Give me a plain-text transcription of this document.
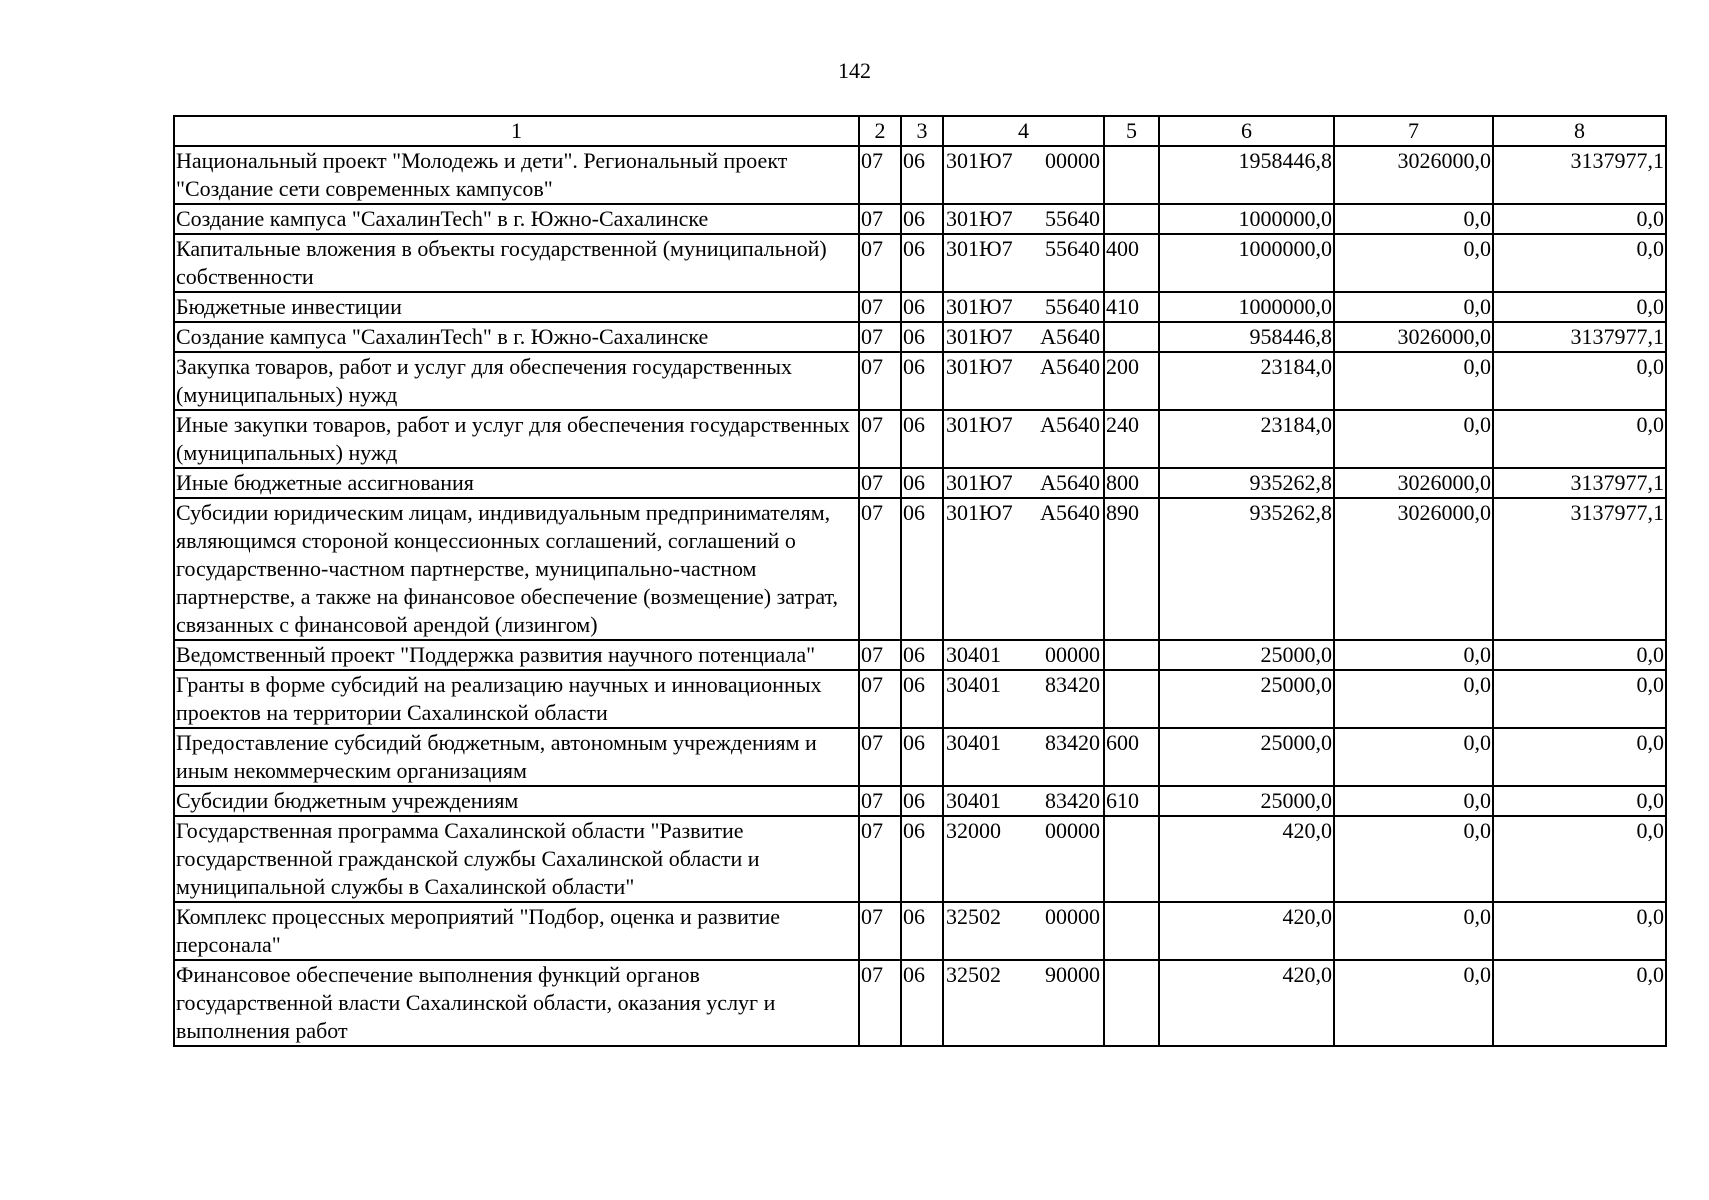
142
1	2	3	4	5	6	7	8
Национальный проект "Молодежь и дети". Региональный проект "Создание сети современных кампусов"	07	06	301Ю7 00000		1958446,8	3026000,0	3137977,1
Создание кампуса "СахалинTech" в г. Южно-Сахалинске	07	06	301Ю7 55640		1000000,0	0,0	0,0
Капитальные вложения в объекты государственной (муниципальной) собственности	07	06	301Ю7 55640	400	1000000,0	0,0	0,0
Бюджетные инвестиции	07	06	301Ю7 55640	410	1000000,0	0,0	0,0
Создание кампуса "СахалинTech" в г. Южно-Сахалинске	07	06	301Ю7 A5640		958446,8	3026000,0	3137977,1
Закупка товаров, работ и услуг для обеспечения государственных (муниципальных) нужд	07	06	301Ю7 A5640	200	23184,0	0,0	0,0
Иные закупки товаров, работ и услуг для обеспечения государственных (муниципальных) нужд	07	06	301Ю7 A5640	240	23184,0	0,0	0,0
Иные бюджетные ассигнования	07	06	301Ю7 A5640	800	935262,8	3026000,0	3137977,1
Субсидии юридическим лицам, индивидуальным предпринимателям, являющимся стороной концессионных соглашений, соглашений о государственно-частном партнерстве, муниципально-частном партнерстве, а также на финансовое обеспечение (возмещение) затрат, связанных с финансовой арендой (лизингом)	07	06	301Ю7 A5640	890	935262,8	3026000,0	3137977,1
Ведомственный проект "Поддержка развития научного потенциала"	07	06	30401 00000		25000,0	0,0	0,0
Гранты в форме субсидий на реализацию научных и инновационных проектов на территории Сахалинской области	07	06	30401 83420		25000,0	0,0	0,0
Предоставление субсидий бюджетным, автономным учреждениям и иным некоммерческим организациям	07	06	30401 83420	600	25000,0	0,0	0,0
Субсидии бюджетным учреждениям	07	06	30401 83420	610	25000,0	0,0	0,0
Государственная программа Сахалинской области "Развитие государственной гражданской службы Сахалинской области и муниципальной службы в Сахалинской области"	07	06	32000 00000		420,0	0,0	0,0
Комплекс процессных мероприятий "Подбор, оценка и развитие персонала"	07	06	32502 00000		420,0	0,0	0,0
Финансовое обеспечение выполнения функций органов государственной власти Сахалинской области, оказания услуг и выполнения работ	07	06	32502 90000		420,0	0,0	0,0
